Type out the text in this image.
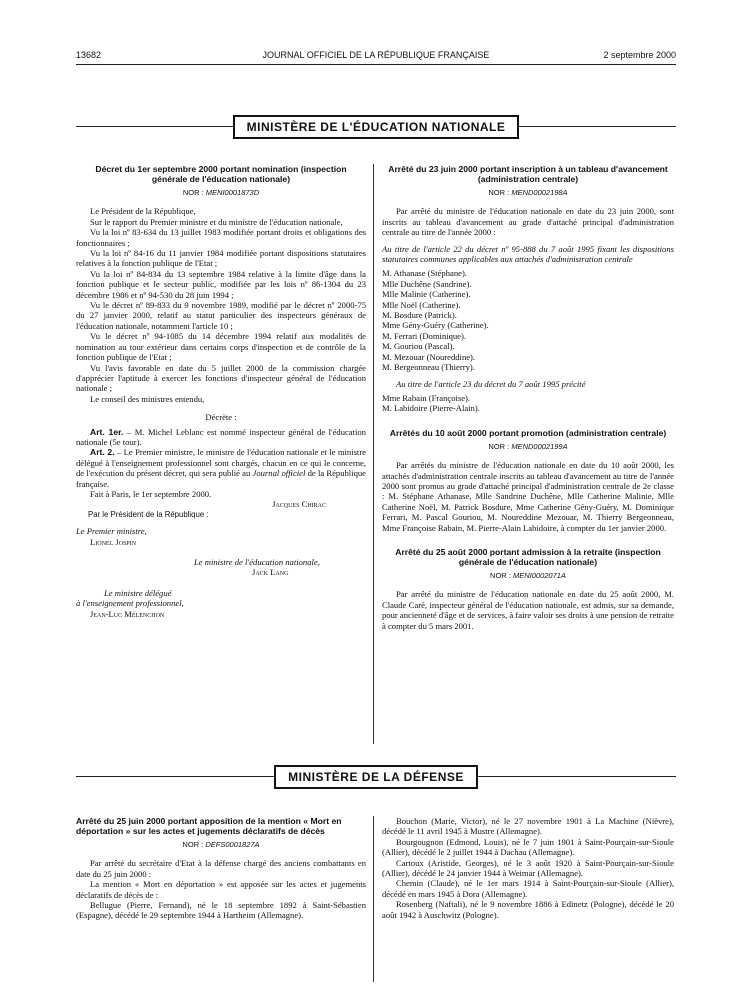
13682	JOURNAL OFFICIEL DE LA RÉPUBLIQUE FRANÇAISE	2 septembre 2000
MINISTÈRE DE L'ÉDUCATION NATIONALE
Décret du 1er septembre 2000 portant nomination (inspection générale de l'éducation nationale)
NOR : MENI0001873D

Le Président de la République,

Sur le rapport du Premier ministre et du ministre de l'éducation nationale,

Vu la loi nº 83-634 du 13 juillet 1983 modifiée portant droits et obligations des fonctionnaires ;

Vu la loi nº 84-16 du 11 janvier 1984 modifiée portant dispositions statutaires relatives à la fonction publique de l'Etat ;

Vu la loi nº 84-834 du 13 septembre 1984 relative à la limite d'âge dans la fonction publique et le secteur public, modifiée par les lois nº 86-1304 du 23 décembre 1986 et nº 94-530 du 28 juin 1994 ;

Vu le décret nº 89-833 du 9 novembre 1989, modifié par le décret nº 2000-75 du 27 janvier 2000, relatif au statut particulier des inspecteurs généraux de l'éducation nationale, notamment l'article 10 ;

Vu le décret nº 94-1085 du 14 décembre 1994 relatif aux modalités de nomination au tour extérieur dans certains corps d'inspection et de contrôle de la fonction publique de l'Etat ;

Vu l'avis favorable en date du 5 juillet 2000 de la commission chargée d'apprécier l'aptitude à exercer les fonctions d'inspecteur général de l'éducation nationale ;

Le conseil des ministres entendu,

Décrète :

Art. 1er. – M. Michel Leblanc est nommé inspecteur général de l'éducation nationale (5e tour).

Art. 2. – Le Premier ministre, le ministre de l'éducation nationale et le ministre délégué à l'enseignement professionnel sont chargés, chacun en ce qui le concerne, de l'exécution du présent décret, qui sera publié au Journal officiel de la République française.

Fait à Paris, le 1er septembre 2000.

Jacques Chirac

Par le Président de la République :

Le Premier ministre,

Lionel Jospin

Le ministre de l'éducation nationale,

Jack Lang

Le ministre délégué

à l'enseignement professionnel,

Jean-Luc Mélenchon

Arrêté du 23 juin 2000 portant inscription à un tableau d'avancement (administration centrale)
NOR : MEND0002198A

Par arrêté du ministre de l'éducation nationale en date du 23 juin 2000, sont inscrits au tableau d'avancement au grade d'attaché principal d'administration centrale au titre de l'année 2000 :

Au titre de l'article 22 du décret nº 95-888 du 7 août 1995 fixant les dispositions statutaires communes applicables aux attachés d'administration centrale

M. Athanase (Stéphane).

Mlle Duchêne (Sandrine).

Mlle Malinie (Catherine).

Mlle Noël (Catherine).

M. Bosdure (Patrick).

Mme Gény-Guéry (Catherine).

M. Ferrari (Dominique).

M. Gouriou (Pascal).

M. Mezouar (Noureddine).

M. Bergeonneau (Thierry).

Au titre de l'article 23 du décret du 7 août 1995 précité

Mme Rabain (Françoise).

M. Labidoire (Pierre-Alain).

Arrêtés du 10 août 2000 portant promotion (administration centrale)
NOR : MEND0002199A

Par arrêtés du ministre de l'éducation nationale en date du 10 août 2000, les attachés d'administration centrale inscrits au tableau d'avancement au titre de l'année 2000 sont promus au grade d'attaché principal d'administration centrale de 2e classe : M. Stéphane Athanase, Mlle Sandrine Duchêne, Mlle Catherine Malinie, Mlle Catherine Noël, M. Patrick Bosdure, Mme Catherine Gény-Guéry, M. Dominique Ferrari, M. Pascal Gouriou, M. Noureddine Mezouar, M. Thierry Bergeonneau, Mme Françoise Rabain, M. Pierre-Alain Labidoire, à compter du 1er janvier 2000.

Arrêté du 25 août 2000 portant admission à la retraite (inspection générale de l'éducation nationale)
NOR : MENI0002071A

Par arrêté du ministre de l'éducation nationale en date du 25 août 2000, M. Claude Caré, inspecteur général de l'éducation nationale, est admis, sur sa demande, pour ancienneté d'âge et de services, à faire valoir ses droits à une pension de retraite à compter du 5 mars 2001.

MINISTÈRE DE LA DÉFENSE
Arrêté du 25 juin 2000 portant apposition de la mention « Mort en déportation » sur les actes et jugements déclaratifs de décès
NOR : DEFS0001827A

Par arrêté du secrétaire d'Etat à la défense chargé des anciens combattants en date du 25 juin 2000 :

La mention « Mort en déportation » est apposée sur les actes et jugements déclaratifs de décès de :

Bellugue (Pierre, Fernand), né le 18 septembre 1892 à Saint-Sébastien (Espagne), décédé le 29 septembre 1944 à Hartheim (Allemagne).

Bouchon (Marie, Victor), né le 27 novembre 1901 à La Machine (Nièvre), décédé le 11 avril 1945 à Mustre (Allemagne).

Bourgougnon (Edmond, Louis), né le 7 juin 1901 à Saint-Pourçain-sur-Sioule (Allier), décédé le 2 juillet 1944 à Dachau (Allemagne).

Cartoux (Aristide, Georges), né le 3 août 1920 à Saint-Pourçain-sur-Sioule (Allier), décédé le 24 janvier 1944 à Weimar (Allemagne).

Chemin (Claude), né le 1er mars 1914 à Saint-Pourçain-sur-Sioule (Allier), décédé en mars 1945 à Dora (Allemagne).

Rosenberg (Naftali), né le 9 novembre 1886 à Edinetz (Pologne), décédé le 20 août 1942 à Auschwitz (Pologne).
